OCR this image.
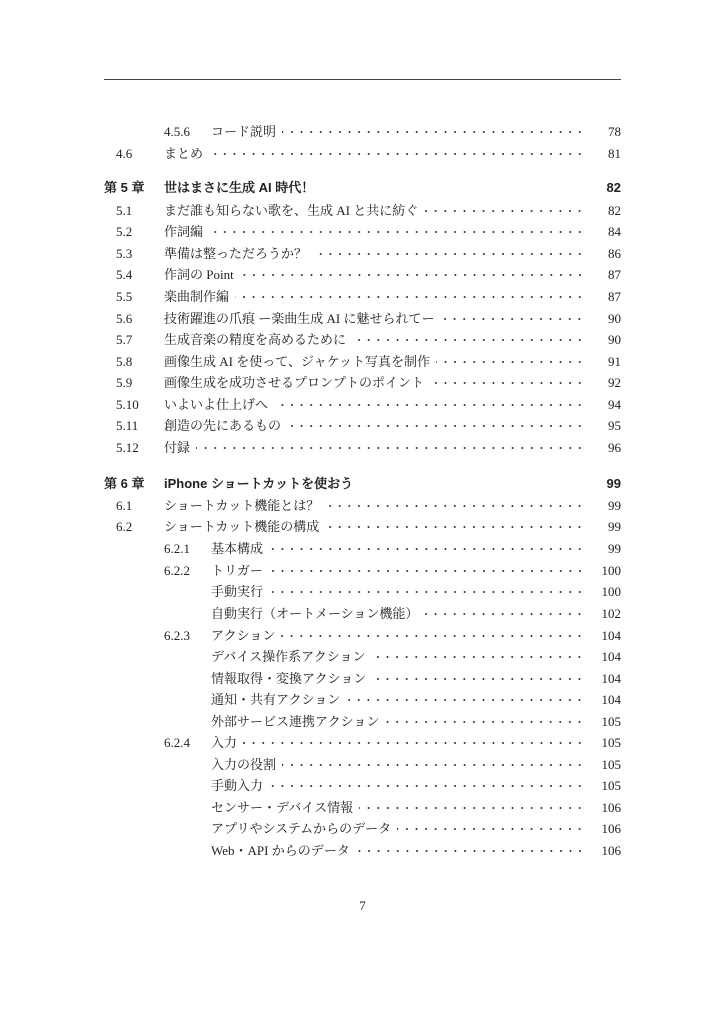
4.5.6	コード説明	78
4.6	まとめ	81
第 5 章	世はまさに生成 AI 時代！	82
5.1	まだ誰も知らない歌を、生成 AI と共に紡ぐ	82
5.2	作詞編	84
5.3	準備は整っただろうか？	86
5.4	作詞の Point	87
5.5	楽曲制作編	87
5.6	技術躍進の爪痕 ー楽曲生成 AI に魅せられてー	90
5.7	生成音楽の精度を高めるために	90
5.8	画像生成 AI を使って、ジャケット写真を制作	91
5.9	画像生成を成功させるプロンプトのポイント	92
5.10	いよいよ仕上げへ	94
5.11	創造の先にあるもの	95
5.12	付録	96
第 6 章	iPhone ショートカットを使おう	99
6.1	ショートカット機能とは？	99
6.2	ショートカット機能の構成	99
6.2.1	基本構成	99
6.2.2	トリガー	100
手動実行	100
自動実行（オートメーション機能）	102
6.2.3	アクション	104
デバイス操作系アクション	104
情報取得・変換アクション	104
通知・共有アクション	104
外部サービス連携アクション	105
6.2.4	入力	105
入力の役割	105
手動入力	105
センサー・デバイス情報	106
アプリやシステムからのデータ	106
Web・API からのデータ	106
7
